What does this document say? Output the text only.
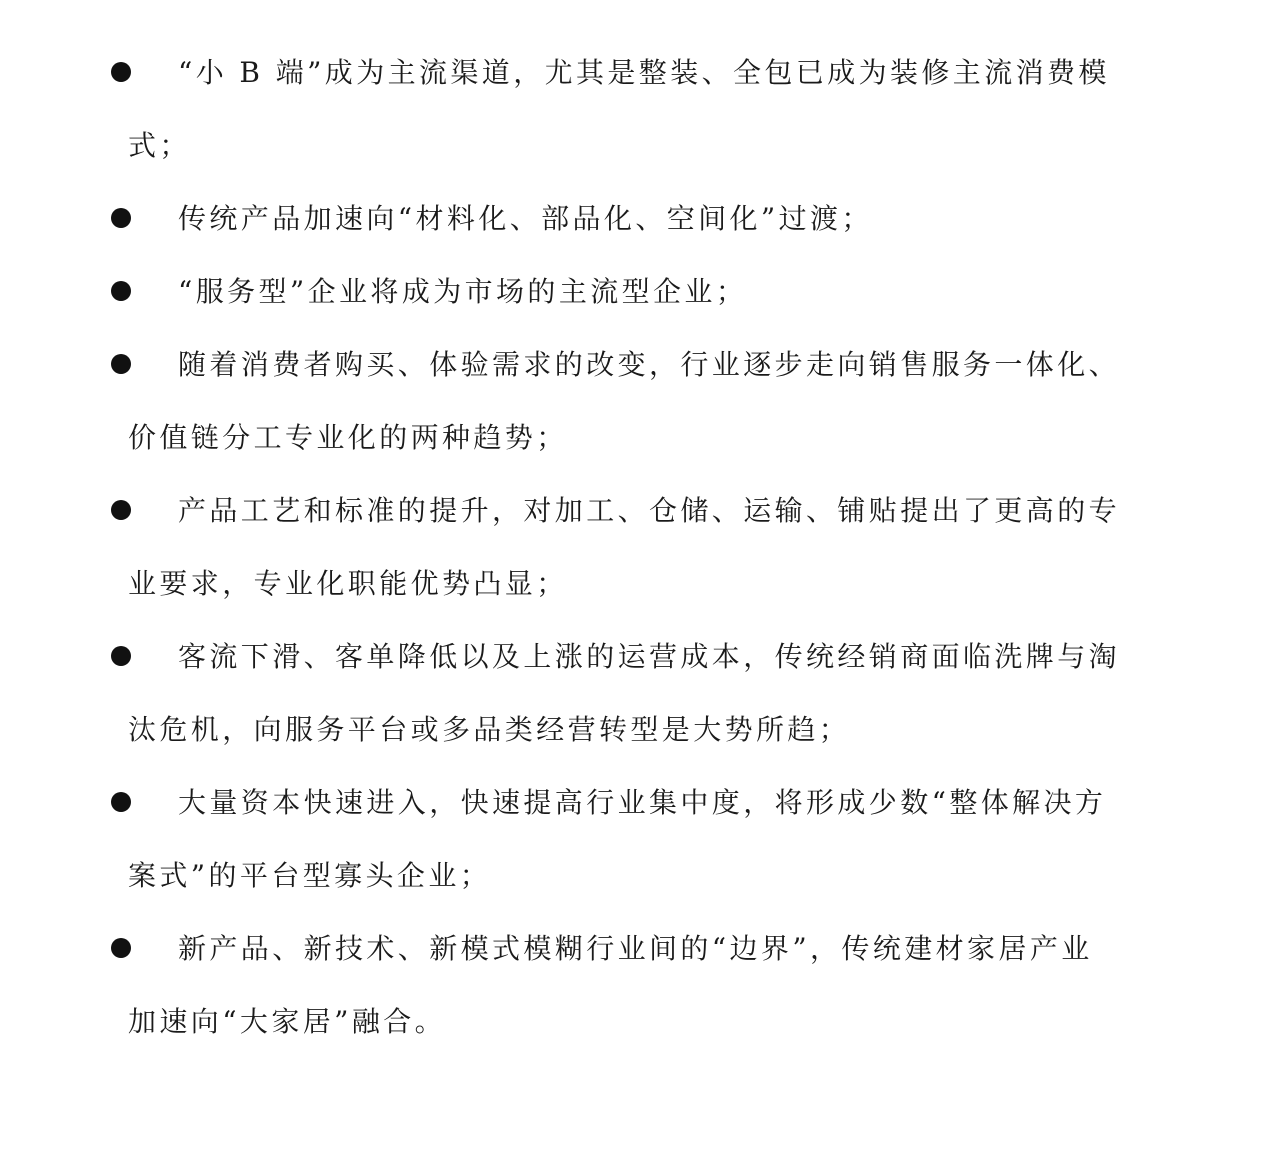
“小 B 端”成为主流渠道，尤其是整装、全包已成为装修主流消费模
式；
传统产品加速向“材料化、部品化、空间化”过渡；
“服务型”企业将成为市场的主流型企业；
随着消费者购买、体验需求的改变，行业逐步走向销售服务一体化、
价值链分工专业化的两种趋势；
产品工艺和标准的提升，对加工、仓储、运输、铺贴提出了更高的专
业要求，专业化职能优势凸显；
客流下滑、客单降低以及上涨的运营成本，传统经销商面临洗牌与淘
汰危机，向服务平台或多品类经营转型是大势所趋；
大量资本快速进入，快速提高行业集中度，将形成少数“整体解决方
案式”的平台型寡头企业；
新产品、新技术、新模式模糊行业间的“边界”，传统建材家居产业
加速向“大家居”融合。
